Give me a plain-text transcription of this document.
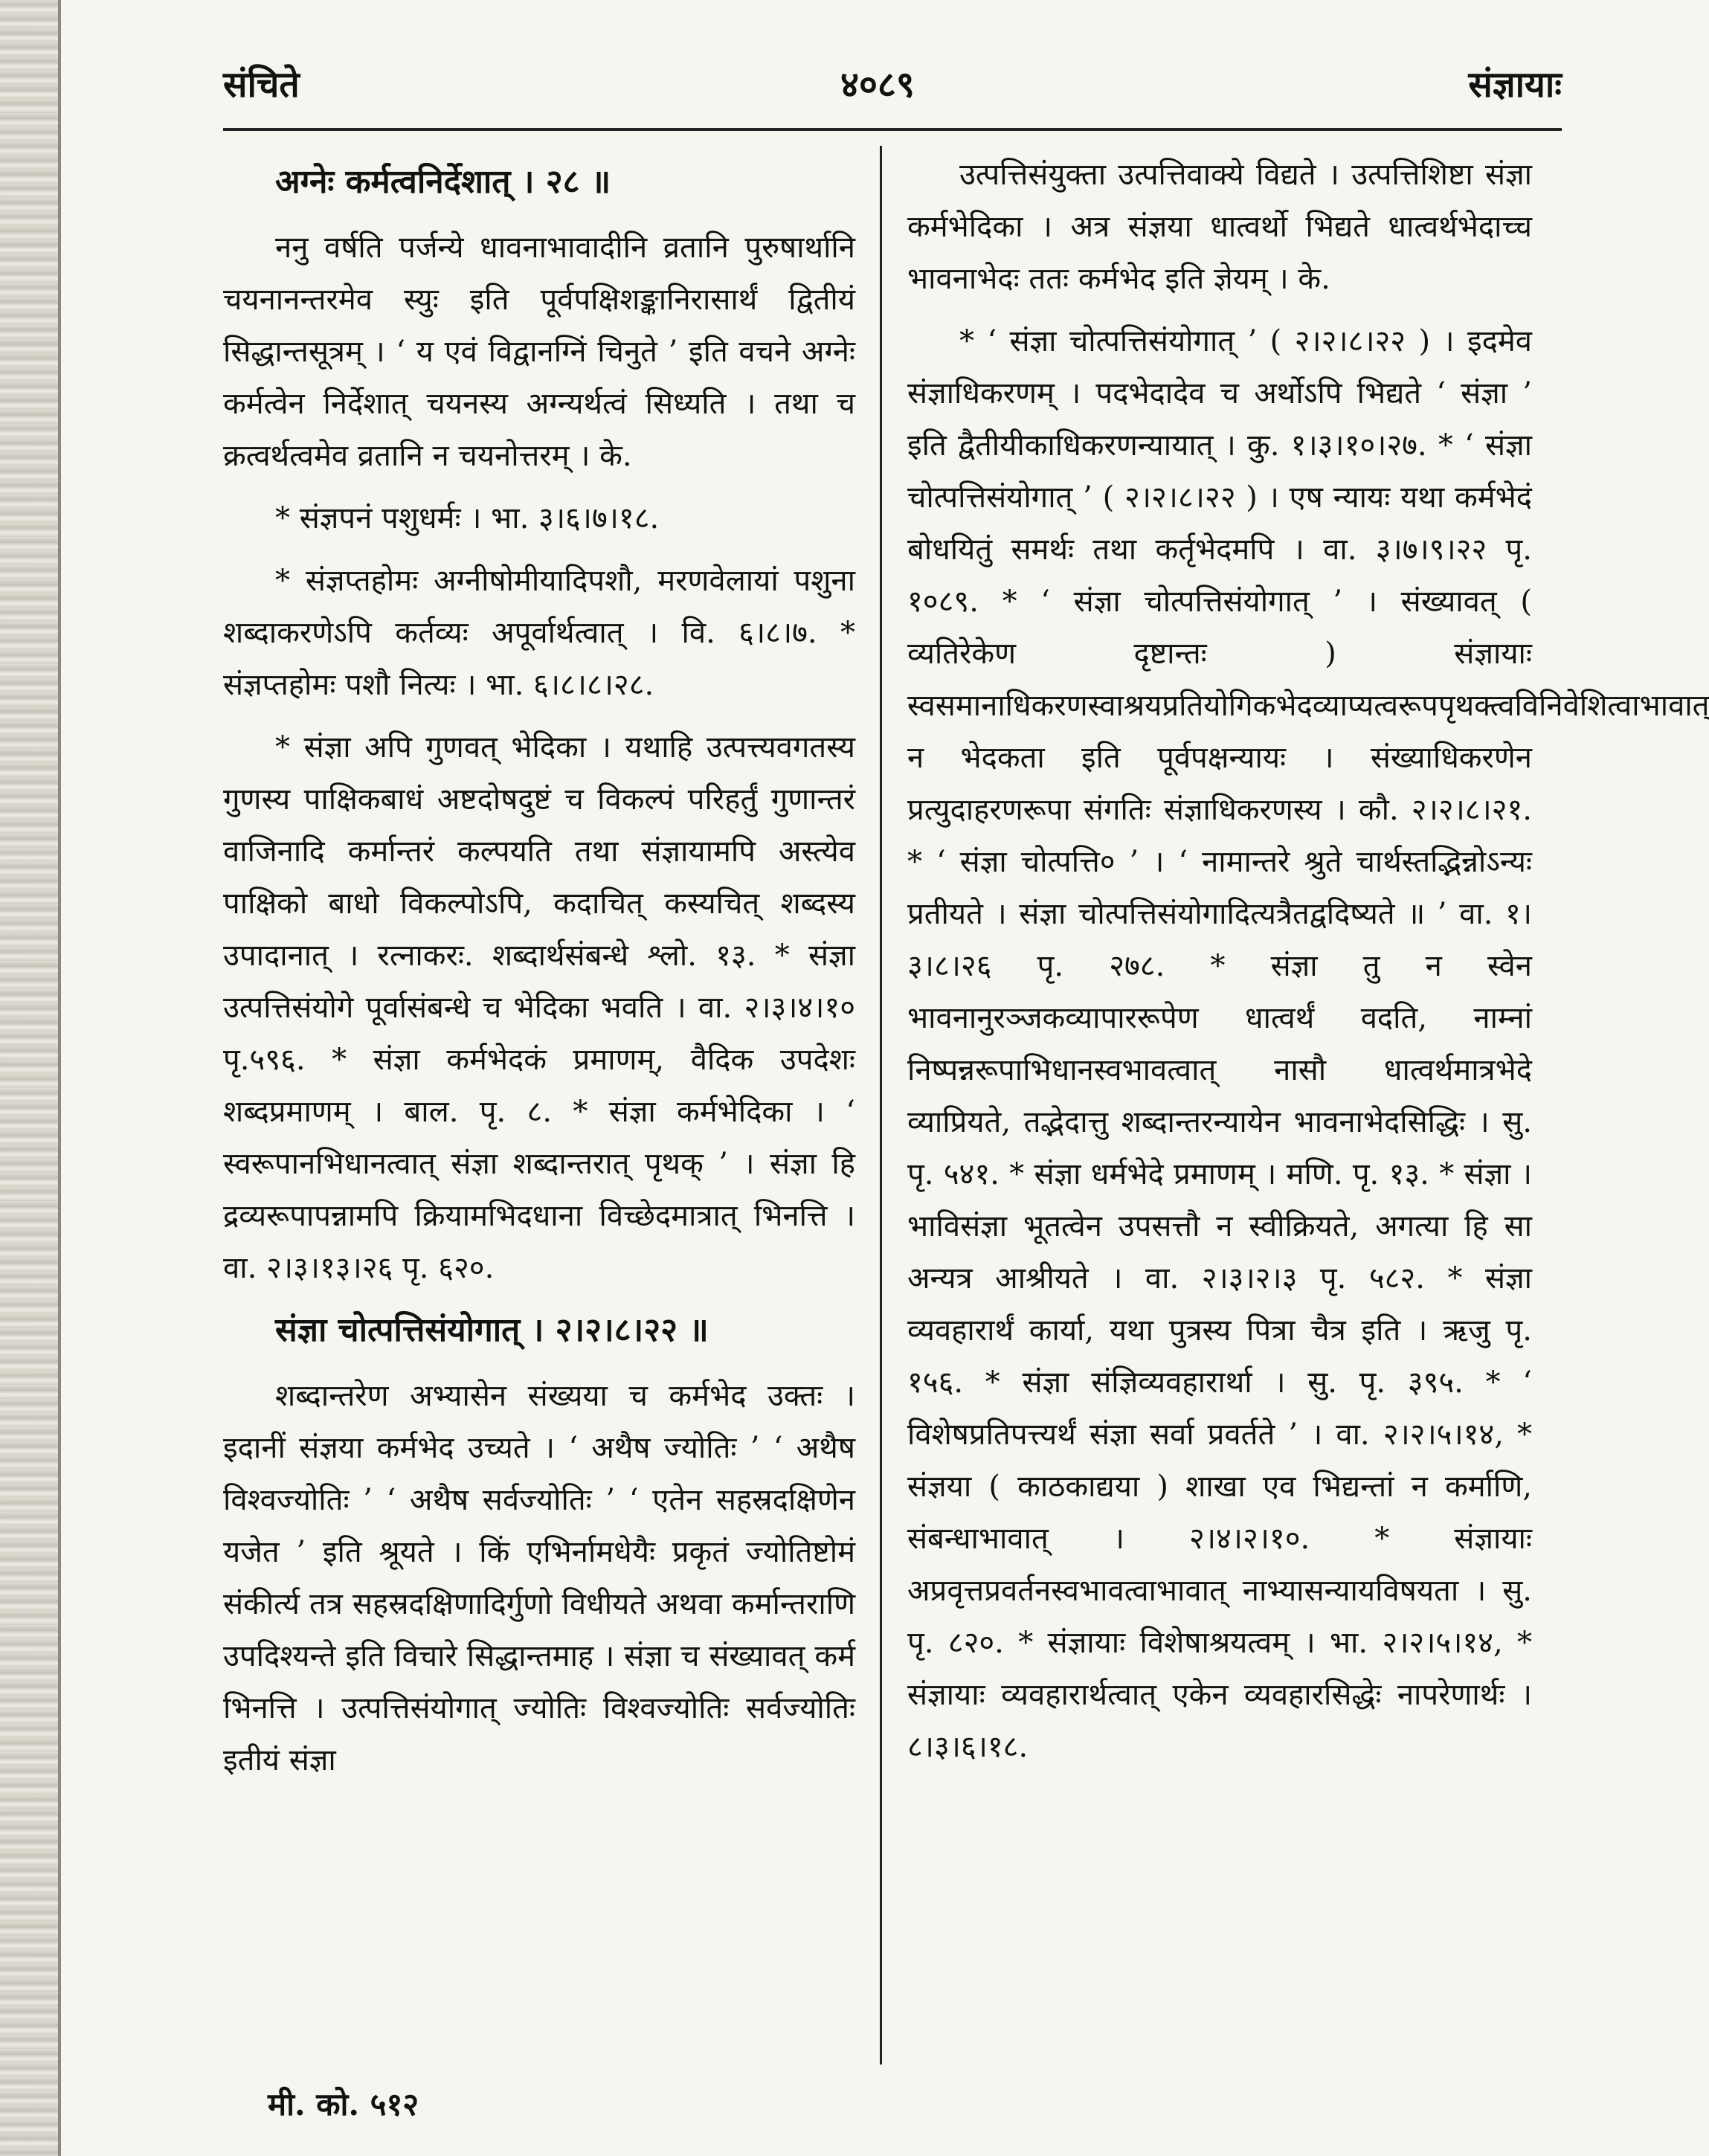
संचिते	४०८९	संज्ञायाः
अग्नेः कर्मत्वनिर्देशात् । २८ ॥

ननु वर्षति पर्जन्ये धावनाभावादीनि व्रतानि पुरुषार्थानि चयनानन्तरमेव स्युः इति पूर्वपक्षिशङ्कानिरासार्थं द्वितीयं सिद्धान्तसूत्रम् । ‘ य एवं विद्वानग्निं चिनुते ’ इति वचने अग्नेः कर्मत्वेन निर्देशात् चयनस्य अग्न्यर्थत्वं सिध्यति । तथा च क्रत्वर्थत्वमेव व्रतानि न चयनोत्तरम् । के.

* संज्ञपनं पशुधर्मः । भा. ३।६।७।१८.

* संज्ञप्तहोमः अग्नीषोमीयादिपशौ, मरणवेलायां पशुना शब्दाकरणेऽपि कर्तव्यः अपूर्वार्थत्वात् । वि. ६।८।७. * संज्ञप्तहोमः पशौ नित्यः । भा. ६।८।८।२८.

* संज्ञा अपि गुणवत् भेदिका । यथाहि उत्पत्त्यवगतस्य गुणस्य पाक्षिकबाधं अष्टदोषदुष्टं च विकल्पं परिहर्तुं गुणान्तरं वाजिनादि कर्मान्तरं कल्पयति तथा संज्ञायामपि अस्त्येव पाक्षिको बाधो विकल्पोऽपि, कदाचित् कस्यचित् शब्दस्य उपादानात् । रत्नाकरः. शब्दार्थसंबन्धे श्लो. १३. * संज्ञा उत्पत्तिसंयोगे पूर्वासंबन्धे च भेदिका भवति । वा. २।३।४।१० पृ.५९६. * संज्ञा कर्मभेदकं प्रमाणम्, वैदिक उपदेशः शब्दप्रमाणम् । बाल. पृ. ८. * संज्ञा कर्मभेदिका । ‘ स्वरूपानभिधानत्वात् संज्ञा शब्दान्तरात् पृथक् ’ । संज्ञा हि द्रव्यरूपापन्नामपि क्रियामभिदधाना विच्छेदमात्रात् भिनत्ति । वा. २।३।१३।२६ पृ. ६२०.

संज्ञा चोत्पत्तिसंयोगात् । २।२।८।२२ ॥

शब्दान्तरेण अभ्यासेन संख्यया च कर्मभेद उक्तः । इदानीं संज्ञया कर्मभेद उच्यते । ‘ अथैष ज्योतिः ’ ‘ अथैष विश्वज्योतिः ’ ‘ अथैष सर्वज्योतिः ’ ‘ एतेन सहस्रदक्षिणेन यजेत ’ इति श्रूयते । किं एभिर्नामधेयैः प्रकृतं ज्योतिष्टोमं संकीर्त्य तत्र सहस्रदक्षिणादिर्गुणो विधीयते अथवा कर्मान्तराणि उपदिश्यन्ते इति विचारे सिद्धान्तमाह । संज्ञा च संख्यावत् कर्म भिनत्ति । उत्पत्तिसंयोगात् ज्योतिः विश्वज्योतिः सर्वज्योतिः इतीयं संज्ञा

उत्पत्तिसंयुक्ता उत्पत्तिवाक्ये विद्यते । उत्पत्तिशिष्टा संज्ञा कर्मभेदिका । अत्र संज्ञया धात्वर्थो भिद्यते धात्वर्थभेदाच्च भावनाभेदः ततः कर्मभेद इति ज्ञेयम् । के.

* ‘ संज्ञा चोत्पत्तिसंयोगात् ’ ( २।२।८।२२ ) । इदमेव संज्ञाधिकरणम् । पदभेदादेव च अर्थोऽपि भिद्यते ‘ संज्ञा ’ इति द्वैतीयीकाधिकरणन्यायात् । कु. १।३।१०।२७. * ‘ संज्ञा चोत्पत्तिसंयोगात् ’ ( २।२।८।२२ ) । एष न्यायः यथा कर्मभेदं बोधयितुं समर्थः तथा कर्तृभेदमपि । वा. ३।७।९।२२ पृ. १०८९. * ‘ संज्ञा चोत्पत्तिसंयोगात् ’ । संख्यावत् ( व्यतिरेकेण दृष्टान्तः ) संज्ञायाः स्वसमानाधिकरणस्वाश्रयप्रतियोगिकभेदव्याप्यत्वरूपपृथक्त्वविनिवेशित्वाभावात् न भेदकता इति पूर्वपक्षन्यायः । संख्याधिकरणेन प्रत्युदाहरणरूपा संगतिः संज्ञाधिकरणस्य । कौ. २।२।८।२१. * ‘ संज्ञा चोत्पत्ति० ’ । ‘ नामान्तरे श्रुते चार्थस्तद्भिन्नोऽन्यः प्रतीयते । संज्ञा चोत्पत्तिसंयोगादित्यत्रैतद्वदिष्यते ॥ ’ वा. १।३।८।२६ पृ. २७८. * संज्ञा तु न स्वेन भावनानुरञ्जकव्यापाररूपेण धात्वर्थं वदति, नाम्नां निष्पन्नरूपाभिधानस्वभावत्वात् नासौ धात्वर्थमात्रभेदे व्याप्रियते, तद्भेदात्तु शब्दान्तरन्यायेन भावनाभेदसिद्धिः । सु. पृ. ५४१. * संज्ञा धर्मभेदे प्रमाणम् । मणि. पृ. १३. * संज्ञा । भाविसंज्ञा भूतत्वेन उपसत्तौ न स्वीक्रियते, अगत्या हि सा अन्यत्र आश्रीयते । वा. २।३।२।३ पृ. ५८२. * संज्ञा व्यवहारार्थं कार्या, यथा पुत्रस्य पित्रा चैत्र इति । ऋजु पृ. १५६. * संज्ञा संज्ञिव्यवहारार्था । सु. पृ. ३९५. * ‘ विशेषप्रतिपत्त्यर्थं संज्ञा सर्वा प्रवर्तते ’ । वा. २।२।५।१४, * संज्ञया ( काठकाद्यया ) शाखा एव भिद्यन्तां न कर्माणि, संबन्धाभावात् । २।४।२।१०. * संज्ञायाः अप्रवृत्तप्रवर्तनस्वभावत्वाभावात् नाभ्यासन्यायविषयता । सु. पृ. ८२०. * संज्ञायाः विशेषाश्रयत्वम् । भा. २।२।५।१४, * संज्ञायाः व्यवहारार्थत्वात् एकेन व्यवहारसिद्धेः नापरेणार्थः । ८।३।६।१८.

मी. को. ५१२
